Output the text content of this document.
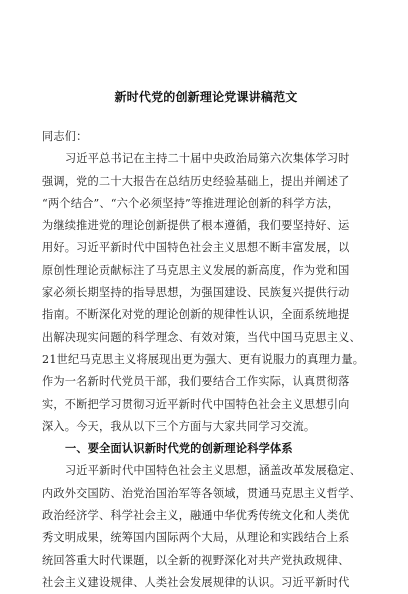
新时代党的创新理论党课讲稿范文
同志们：
习近平总书记在主持二十届中央政治局第六次集体学习时
强调，党的二十大报告在总结历史经验基础上，提出并阐述了
“两个结合”、“六个必须坚持”等推进理论创新的科学方法，
为继续推进党的理论创新提供了根本遵循，我们要坚持好、运
用好。习近平新时代中国特色社会主义思想不断丰富发展，以
原创性理论贡献标注了马克思主义发展的新高度，作为党和国
家必须长期坚持的指导思想，为强国建设、民族复兴提供行动
指南。不断深化对党的理论创新的规律性认识，全面系统地提
出解决现实问题的科学理念、有效对策，当代中国马克思主义、
21世纪马克思主义将展现出更为强大、更有说服力的真理力量。
作为一名新时代党员干部，我们要结合工作实际，认真贯彻落
实，不断把学习贯彻习近平新时代中国特色社会主义思想引向
深入。今天，我从以下三个方面与大家共同学习交流。
一、要全面认识新时代党的创新理论科学体系
习近平新时代中国特色社会主义思想，涵盖改革发展稳定、
内政外交国防、治党治国治军等各领域，贯通马克思主义哲学、
政治经济学、科学社会主义，融通中华优秀传统文化和人类优
秀文明成果，统筹国内国际两个大局，从理论和实践结合上系
统回答重大时代课题，以全新的视野深化对共产党执政规律、
社会主义建设规律、人类社会发展规律的认识。习近平新时代
